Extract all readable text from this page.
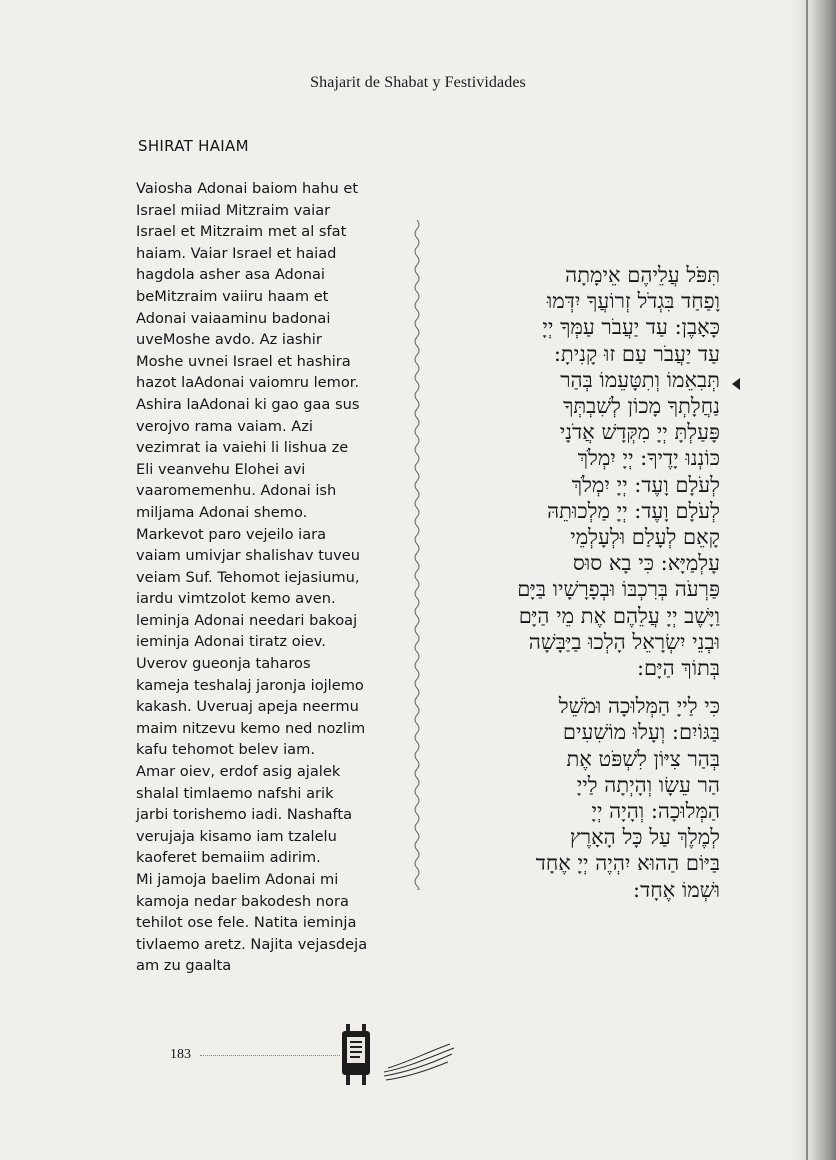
Shajarit de Shabat y Festividades
SHIRAT HAIAM
Vaiosha Adonai baiom hahu et
Israel miiad Mitzraim vaiar
Israel et Mitzraim met al sfat
haiam. Vaiar Israel et haiad
hagdola asher asa Adonai
beMitzraim vaiiru haam et
Adonai vaiaaminu badonai
uveMoshe avdo. Az iashir
Moshe uvnei Israel et hashira
hazot laAdonai vaiomru lemor.
Ashira laAdonai ki gao gaa sus
verojvo rama vaiam. Azi
vezimrat ia vaiehi li lishua ze
Eli veanvehu Elohei avi
vaaromemenhu. Adonai ish
miljama Adonai shemo.
Markevot paro vejeilo iara
vaiam umivjar shalishav tuveu
veiam Suf. Tehomot iejasiumu,
iardu vimtzolot kemo aven.
leminja Adonai needari bakoaj
ieminja Adonai tiratz oiev.
Uverov gueonja taharos
kameja teshalaj jaronja iojlemo
kakash. Uveruaj apeja neermu
maim nitzevu kemo ned nozlim
kafu tehomot belev iam.
Amar oiev, erdof asig ajalek
shalal timlaemo nafshi arik
jarbi torishemo iadi. Nashafta
verujaja kisamo iam tzalelu
kaoferet bemaiim adirim.
Mi jamoja baelim Adonai mi
kamoja nedar bakodesh nora
tehilot ose fele. Natita ieminja
tivlaemo aretz. Najita vejasdeja
am zu gaalta
תִּפֹּל עֲלֵיהֶם אֵימָתָה
וָפַחַד בִּגְדֹל זְרוֹעֲךָ יִדְּמוּ
כָּאָבֶן: עַד יַעֲבֹר עַמְּךָ יְיָ
עַד יַעֲבֹר עַם זוּ קָנִיתָ:
תְּבִאֵמוֹ וְתִטָּעֵמוֹ בְּהַר
נַחֲלָתְךָ מָכוֹן לְשִׁבְתְּךָ
פָּעַלְתָּ יְיָ מִקְּדָשׁ אֲדֹנָי
כּוֹנְנוּ יָדֶיךָ: יְיָ יִמְלֹךְ
לְעֹלָם וָעֶד: יְיָ יִמְלֹךְ
לְעֹלָם וָעֶד: יְיָ מַלְכוּתֵהּ
קָאֵם לְעָלַם וּלְעָלְמֵי
עָלְמַיָּא: כִּי בָא סוּס
פַּרְעֹה בְּרִכְבּוֹ וּבְפָרָשָׁיו בַּיָּם
וַיָּשֶׁב יְיָ עֲלֵהֶם אֶת מֵי הַיָּם
וּבְנֵי יִשְׂרָאֵל הָלְכוּ בַיַּבָּשָׁה
בְּתוֹךְ הַיָּם:
כִּי לַייָ הַמְּלוּכָה וּמֹשֵׁל
בַּגּוֹיִם: וְעָלוּ מוֹשִׁעִים
בְּהַר צִיּוֹן לִשְׁפֹּט אֶת
הַר עֵשָׂו וְהָיְתָה לַייָ
הַמְּלוּכָה: וְהָיָה יְיָ
לְמֶלֶךְ עַל כָּל הָאָרֶץ
בַּיּוֹם הַהוּא יִהְיֶה יְיָ אֶחָד
וּשְׁמוֹ אֶחָד:
183
